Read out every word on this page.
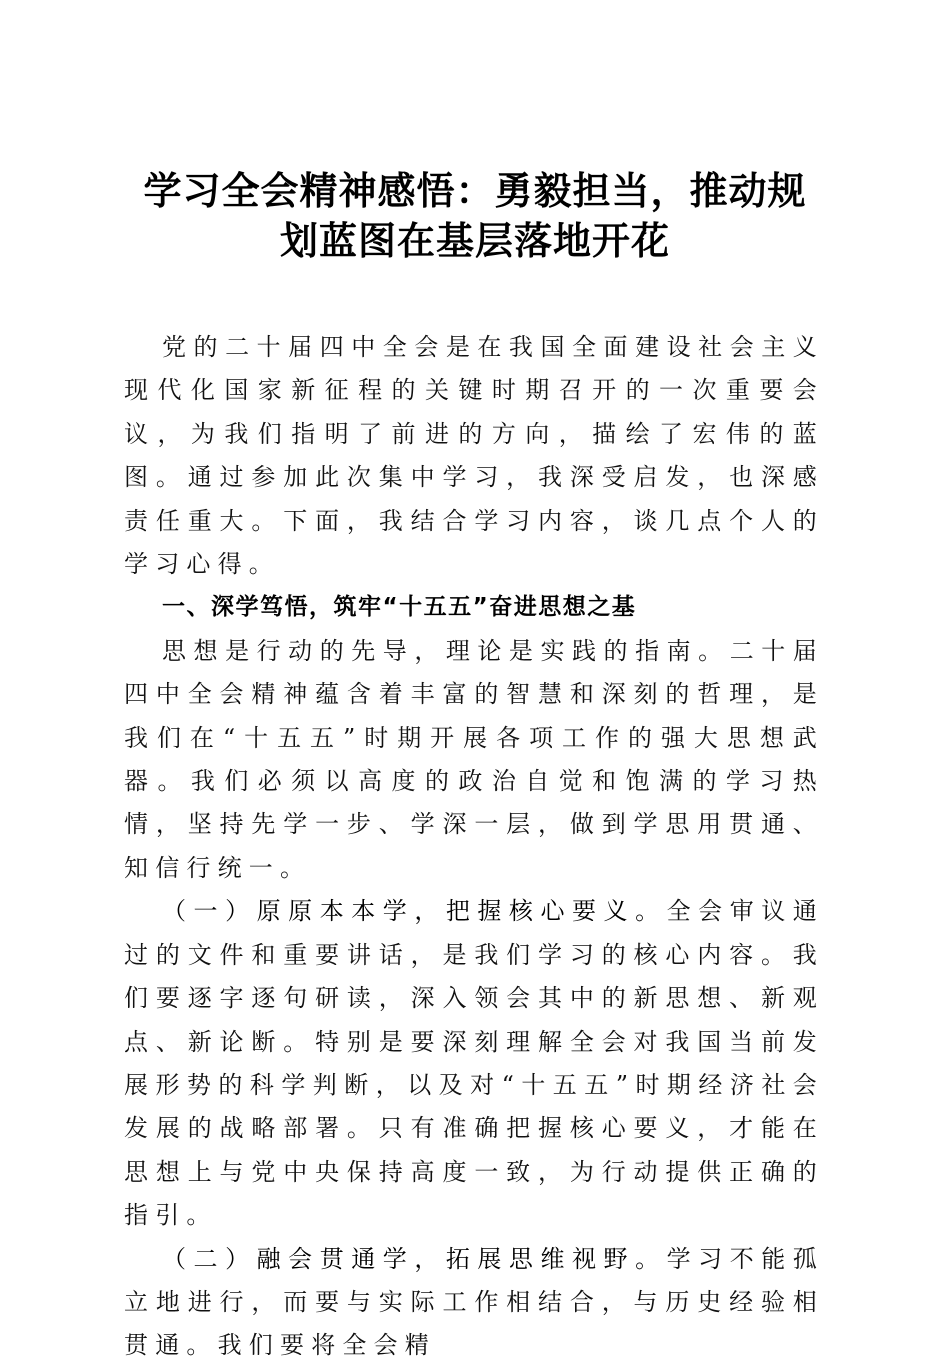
学习全会精神感悟：勇毅担当，推动规
划蓝图在基层落地开花

党的二十届四中全会是在我国全面建设社会主义现代化国家新征程的关键时期召开的一次重要会议，为我们指明了前进的方向，描绘了宏伟的蓝图。通过参加此次集中学习，我深受启发，也深感责任重大。下面，我结合学习内容，谈几点个人的学习心得。

一、深学笃悟，筑牢“十五五”奋进思想之基

思想是行动的先导，理论是实践的指南。二十届四中全会精神蕴含着丰富的智慧和深刻的哲理，是我们在“十五五”时期开展各项工作的强大思想武器。我们必须以高度的政治自觉和饱满的学习热情，坚持先学一步、学深一层，做到学思用贯通、知信行统一。

（一）原原本本学，把握核心要义。全会审议通过的文件和重要讲话，是我们学习的核心内容。我们要逐字逐句研读，深入领会其中的新思想、新观点、新论断。特别是要深刻理解全会对我国当前发展形势的科学判断，以及对“十五五”时期经济社会发展的战略部署。只有准确把握核心要义，才能在思想上与党中央保持高度一致，为行动提供正确的指引。

（二）融会贯通学，拓展思维视野。学习不能孤立地进行，而要与实际工作相结合，与历史经验相贯通。我们要将全会精
